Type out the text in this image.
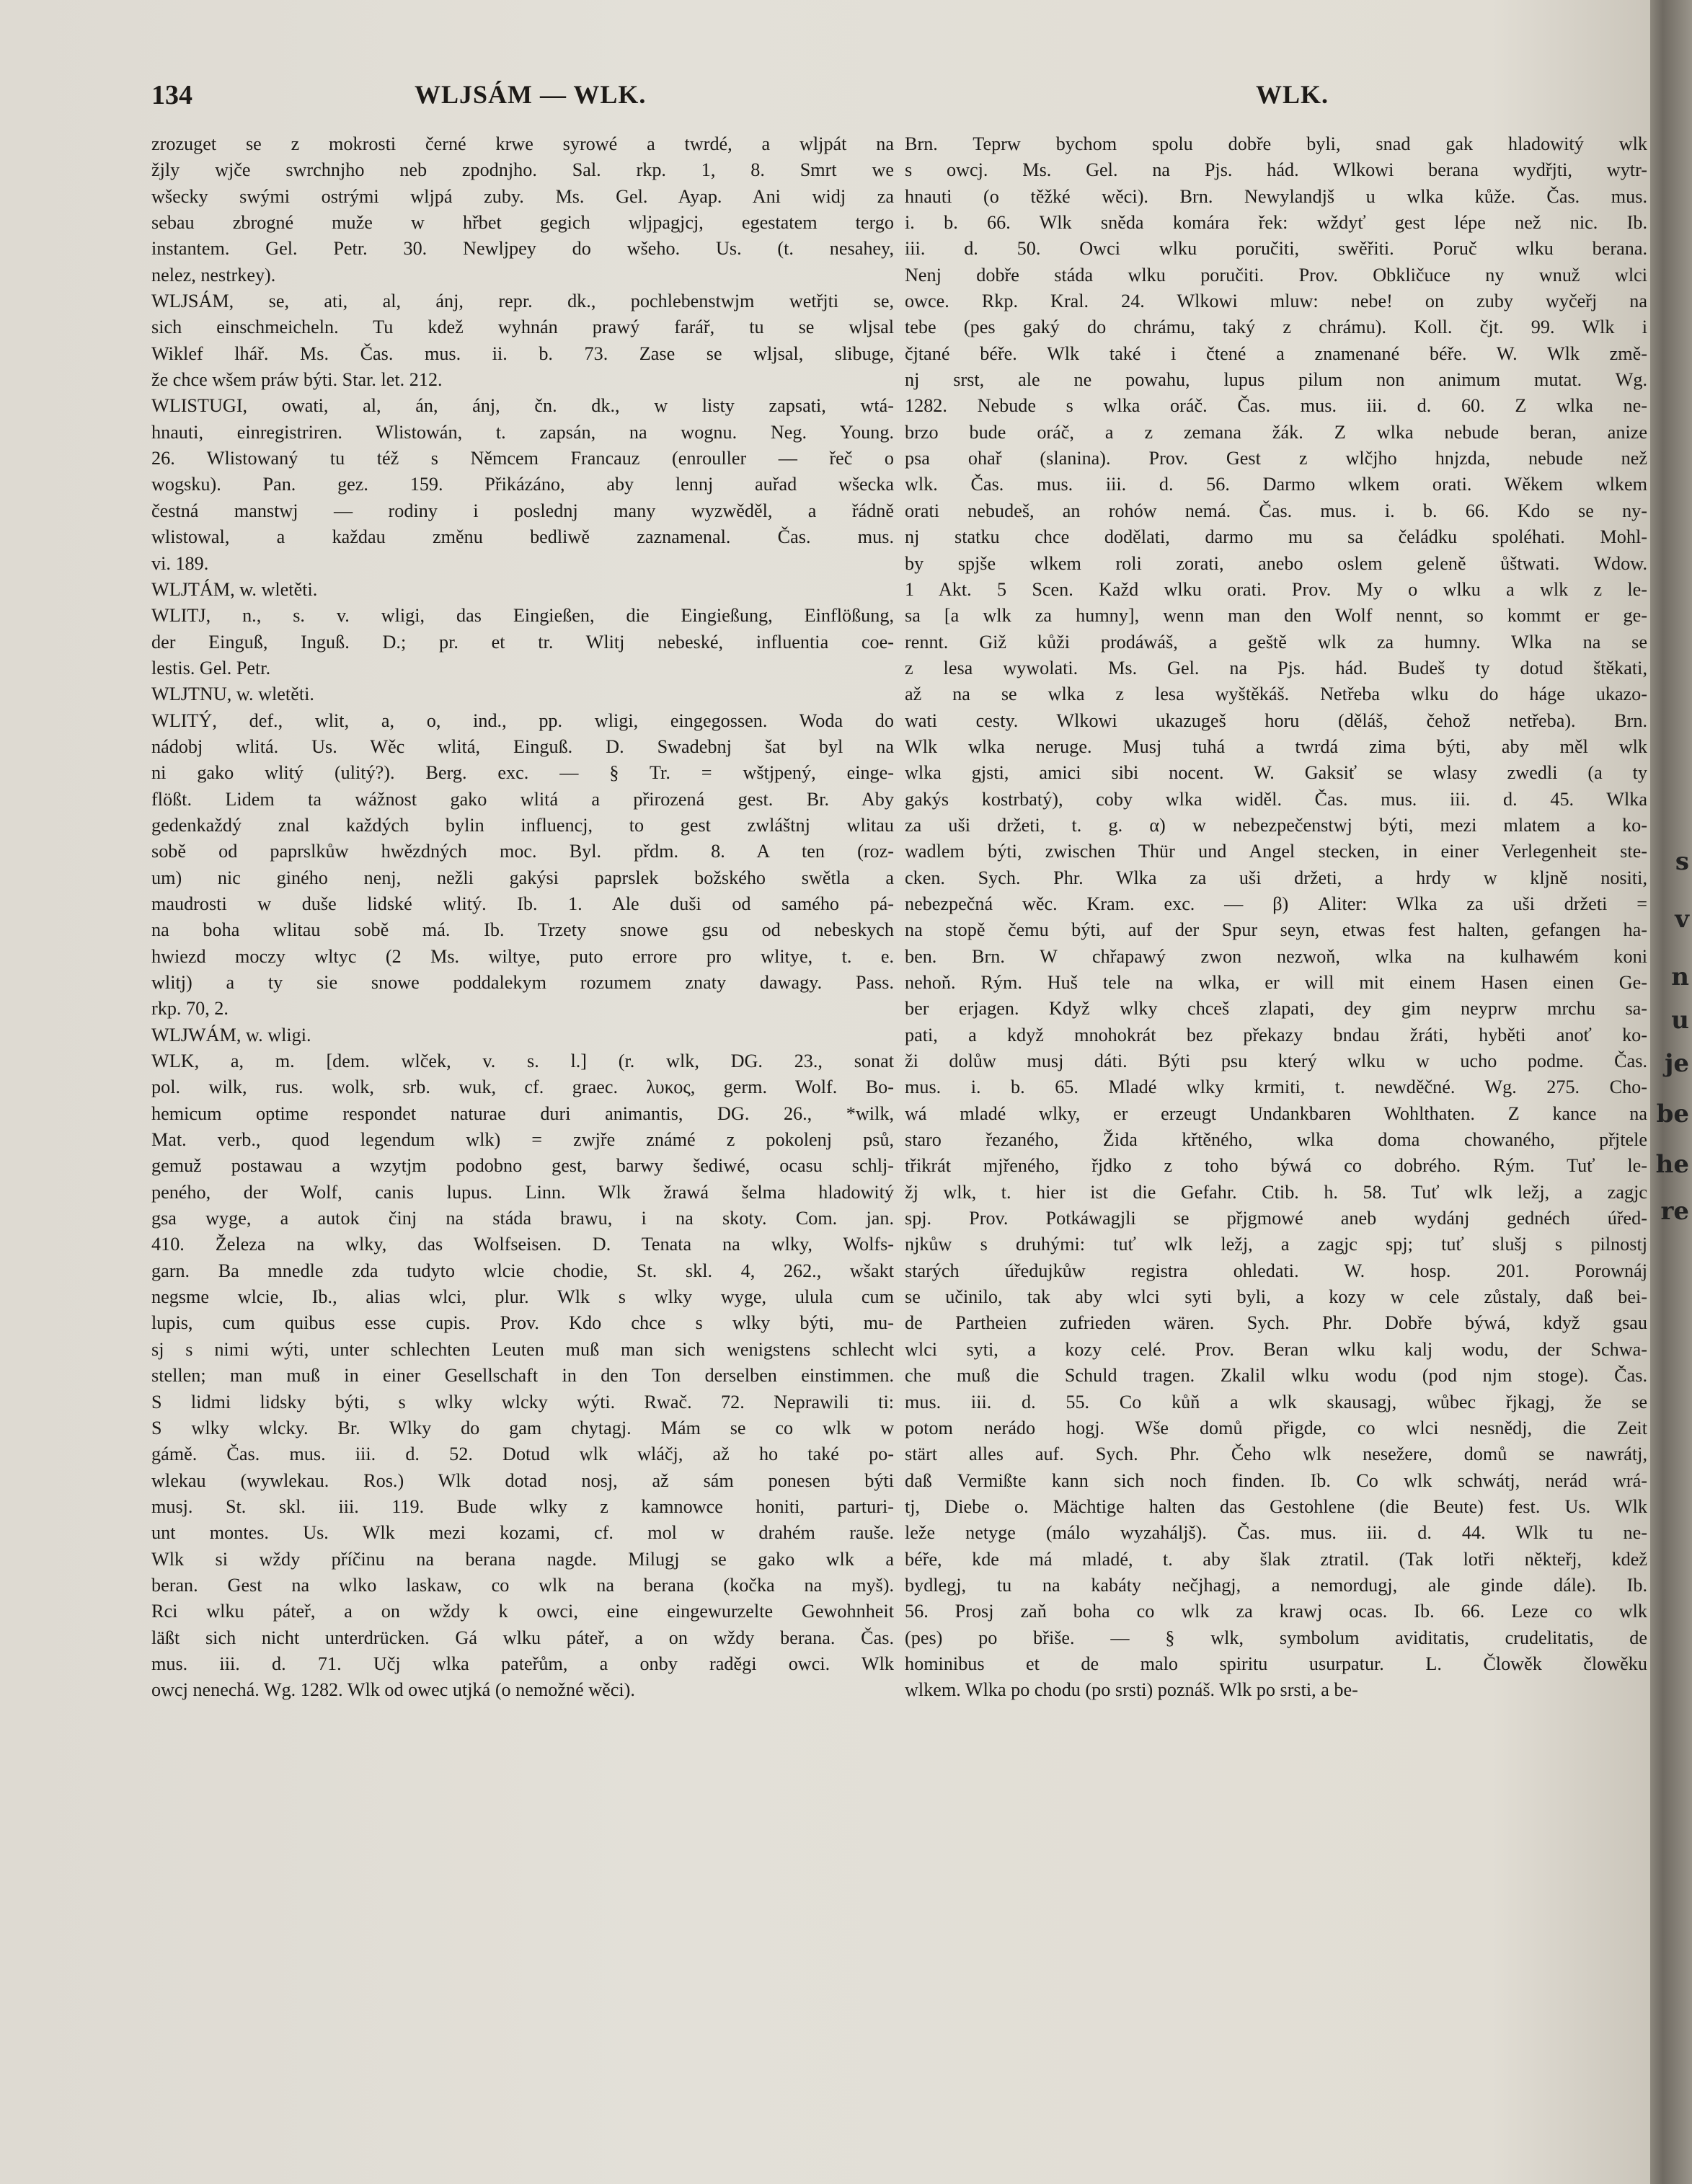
134	WLJSÁM — WLK.	WLK.
zrozuget se z mokrosti černé krwe syrowé a twrdé, a wljpát na
žjly wjče swrchnjho neb zpodnjho. Sal. rkp. 1, 8. Smrt we
wšecky swými ostrými wljpá zuby. Ms. Gel. Ayap. Ani widj za
sebau zbrogné muže w hřbet gegich wljpagjcj, egestatem tergo
instantem. Gel. Petr. 30. Newljpey do wšeho. Us. (t. nesahey,
nelez, nestrkey).
WLJSÁM, se, ati, al, ánj, repr. dk., pochlebenstwjm wetřjti se,
sich einschmeicheln. Tu kdež wyhnán prawý farář, tu se wljsal
Wiklef lhář. Ms. Čas. mus. ii. b. 73. Zase se wljsal, slibuge,
že chce wšem práw býti. Star. let. 212.
WLISTUGI, owati, al, án, ánj, čn. dk., w listy zapsati, wtá-
hnauti, einregistriren. Wlistowán, t. zapsán, na wognu. Neg. Young.
26. Wlistowaný tu též s Němcem Francauz (enrouller — řeč o
wogsku). Pan. gez. 159. Přikázáno, aby lennj auřad wšecka
čestná manstwj — rodiny i poslednj many wyzwěděl, a řádně
wlistowal, a každau změnu bedliwě zaznamenal. Čas. mus.
vi. 189.
WLJTÁM, w. wletěti.
WLITJ, n., s. v. wligi, das Eingießen, die Eingießung, Einflößung,
der Einguß, Inguß. D.; pr. et tr. Wlitj nebeské, influentia coe-
lestis. Gel. Petr.
WLJTNU, w. wletěti.
WLITÝ, def., wlit, a, o, ind., pp. wligi, eingegossen. Woda do
nádobj wlitá. Us. Wěc wlitá, Einguß. D. Swadebnj šat byl na
ni gako wlitý (ulitý?). Berg. exc. — § Tr. = wštjpený, einge-
flößt. Lidem ta wážnost gako wlitá a přirozená gest. Br. Aby
gedenkaždý znal každých bylin influencj, to gest zwláštnj wlitau
sobě od paprslkůw hwězdných moc. Byl. přdm. 8. A ten (roz-
um) nic giného nenj, nežli gakýsi paprslek božského swětla a
maudrosti w duše lidské wlitý. Ib. 1. Ale duši od samého pá-
na boha wlitau sobě má. Ib. Trzety snowe gsu od nebeskych
hwiezd moczy wltyc (2 Ms. wiltye, puto errore pro wlitye, t. e.
wlitj) a ty sie snowe poddalekym rozumem znaty dawagy. Pass.
rkp. 70, 2.
WLJWÁM, w. wligi.
WLK, a, m. [dem. wlček, v. s. l.] (r. wlk, DG. 23., sonat
pol. wilk, rus. wolk, srb. wuk, cf. graec. λυκος, germ. Wolf. Bo-
hemicum optime respondet naturae duri animantis, DG. 26., *wilk,
Mat. verb., quod legendum wlk) = zwjře známé z pokolenj psů,
gemuž postawau a wzytjm podobno gest, barwy šediwé, ocasu schlj-
peného, der Wolf, canis lupus. Linn. Wlk žrawá šelma hladowitý
gsa wyge, a autok činj na stáda brawu, i na skoty. Com. jan.
410. Železa na wlky, das Wolfseisen. D. Tenata na wlky, Wolfs-
garn. Ba mnedle zda tudyto wlcie chodie, St. skl. 4, 262., wšakt
negsme wlcie, Ib., alias wlci, plur. Wlk s wlky wyge, ulula cum
lupis, cum quibus esse cupis. Prov. Kdo chce s wlky býti, mu-
sj s nimi wýti, unter schlechten Leuten muß man sich wenigstens schlecht
stellen; man muß in einer Gesellschaft in den Ton derselben einstimmen.
S lidmi lidsky býti, s wlky wlcky wýti. Rwač. 72. Neprawili ti:
S wlky wlcky. Br. Wlky do gam chytagj. Mám se co wlk w
gámě. Čas. mus. iii. d. 52. Dotud wlk wláčj, až ho také po-
wlekau (wywlekau. Ros.) Wlk dotad nosj, až sám ponesen býti
musj. St. skl. iii. 119. Bude wlky z kamnowce honiti, parturi-
unt montes. Us. Wlk mezi kozami, cf. mol w drahém rauše.
Wlk si wždy příčinu na berana nagde. Milugj se gako wlk a
beran. Gest na wlko laskaw, co wlk na berana (kočka na myš).
Rci wlku páteř, a on wždy k owci, eine eingewurzelte Gewohnheit
läßt sich nicht unterdrücken. Gá wlku páteř, a on wždy berana. Čas.
mus. iii. d. 71. Učj wlka pateřům, a onby raděgi owci. Wlk
owcj nenechá. Wg. 1282. Wlk od owec utjká (o nemožné wěci).
Brn. Teprw bychom spolu dobře byli, snad gak hladowitý wlk
s owcj. Ms. Gel. na Pjs. hád. Wlkowi berana wydřjti, wytr-
hnauti (o těžké wěci). Brn. Newylandjš u wlka kůže. Čas. mus.
i. b. 66. Wlk sněda komára řek: wždyť gest lépe než nic. Ib.
iii. d. 50. Owci wlku poručiti, swěřiti. Poruč wlku berana.
Nenj dobře stáda wlku poručiti. Prov. Obkličuce ny wnuž wlci
owce. Rkp. Kral. 24. Wlkowi mluw: nebe! on zuby wyčeřj na
tebe (pes gaký do chrámu, taký z chrámu). Koll. čjt. 99. Wlk i
čjtané béře. Wlk také i čtené a znamenané béře. W. Wlk změ-
nj srst, ale ne powahu, lupus pilum non animum mutat. Wg.
1282. Nebude s wlka oráč. Čas. mus. iii. d. 60. Z wlka ne-
brzo bude oráč, a z zemana žák. Z wlka nebude beran, anize
psa ohař (slanina). Prov. Gest z wlčjho hnjzda, nebude než
wlk. Čas. mus. iii. d. 56. Darmo wlkem orati. Wěkem wlkem
orati nebudeš, an rohów nemá. Čas. mus. i. b. 66. Kdo se ny-
nj statku chce dodělati, darmo mu sa čeládku spoléhati. Mohl-
by spjše wlkem roli zorati, anebo oslem geleně ůštwati. Wdow.
1 Akt. 5 Scen. Každ wlku orati. Prov. My o wlku a wlk z le-
sa [a wlk za humny], wenn man den Wolf nennt, so kommt er ge-
rennt. Giž kůži prodáwáš, a geště wlk za humny. Wlka na se
z lesa wywolati. Ms. Gel. na Pjs. hád. Budeš ty dotud štěkati,
až na se wlka z lesa wyštěkáš. Netřeba wlku do háge ukazo-
wati cesty. Wlkowi ukazugeš horu (děláš, čehož netřeba). Brn.
Wlk wlka neruge. Musj tuhá a twrdá zima býti, aby měl wlk
wlka gjsti, amici sibi nocent. W. Gaksiť se wlasy zwedli (a ty
gakýs kostrbatý), coby wlka widěl. Čas. mus. iii. d. 45. Wlka
za uši držeti, t. g. α) w nebezpečenstwj býti, mezi mlatem a ko-
wadlem býti, zwischen Thür und Angel stecken, in einer Verlegenheit ste-
cken. Sych. Phr. Wlka za uši držeti, a hrdy w kljně nositi,
nebezpečná wěc. Kram. exc. — β) Aliter: Wlka za uši držeti =
na stopě čemu býti, auf der Spur seyn, etwas fest halten, gefangen ha-
ben. Brn. W chřapawý zwon nezwoň, wlka na kulhawém koni
nehoň. Rým. Huš tele na wlka, er will mit einem Hasen einen Ge-
ber erjagen. Když wlky chceš zlapati, dey gim neyprw mrchu sa-
pati, a když mnohokrát bez překazy bndau žráti, hyběti anoť ko-
ži dolůw musj dáti. Býti psu který wlku w ucho podme. Čas.
mus. i. b. 65. Mladé wlky krmiti, t. newděčné. Wg. 275. Cho-
wá mladé wlky, er erzeugt Undankbaren Wohlthaten. Z kance na
staro řezaného, Žida křtěného, wlka doma chowaného, přjtele
třikrát mjřeného, řjdko z toho býwá co dobrého. Rým. Tuť le-
žj wlk, t. hier ist die Gefahr. Ctib. h. 58. Tuť wlk ležj, a zagjc
spj. Prov. Potkáwagjli se přjgmowé aneb wydánj gednéch úřed-
njkůw s druhými: tuť wlk ležj, a zagjc spj; tuť slušj s pilnostj
starých úředujkůw registra ohledati. W. hosp. 201. Porownáj
se učinilo, tak aby wlci syti byli, a kozy w cele zůstaly, daß bei-
de Partheien zufrieden wären. Sych. Phr. Dobře býwá, když gsau
wlci syti, a kozy celé. Prov. Beran wlku kalj wodu, der Schwa-
che muß die Schuld tragen. Zkalil wlku wodu (pod njm stoge). Čas.
mus. iii. d. 55. Co kůň a wlk skausagj, wůbec řjkagj, že se
potom nerádo hogj. Wše domů přigde, co wlci nesnědj, die Zeit
stärt alles auf. Sych. Phr. Čeho wlk nesežere, domů se nawrátj,
daß Vermißte kann sich noch finden. Ib. Co wlk schwátj, nerád wrá-
tj, Diebe o. Mächtige halten das Gestohlene (die Beute) fest. Us. Wlk
leže netyge (málo wyzahálјš). Čas. mus. iii. d. 44. Wlk tu ne-
béře, kde má mladé, t. aby šlak ztratil. (Tak lotři někteřj, kdež
bydlegj, tu na kabáty nečjhagj, a nemordugj, ale ginde dále). Ib.
56. Prosj zaň boha co wlk za krawj ocas. Ib. 66. Leze co wlk
(pes) po břiše. — § wlk, symbolum aviditatis, crudelitatis, de
hominibus et de malo spiritu usurpatur. L. Člowěk člowěku
wlkem. Wlka po chodu (po srsti) poznáš. Wlk po srsti, a be-
s
v
n
u
je
be
he
re
